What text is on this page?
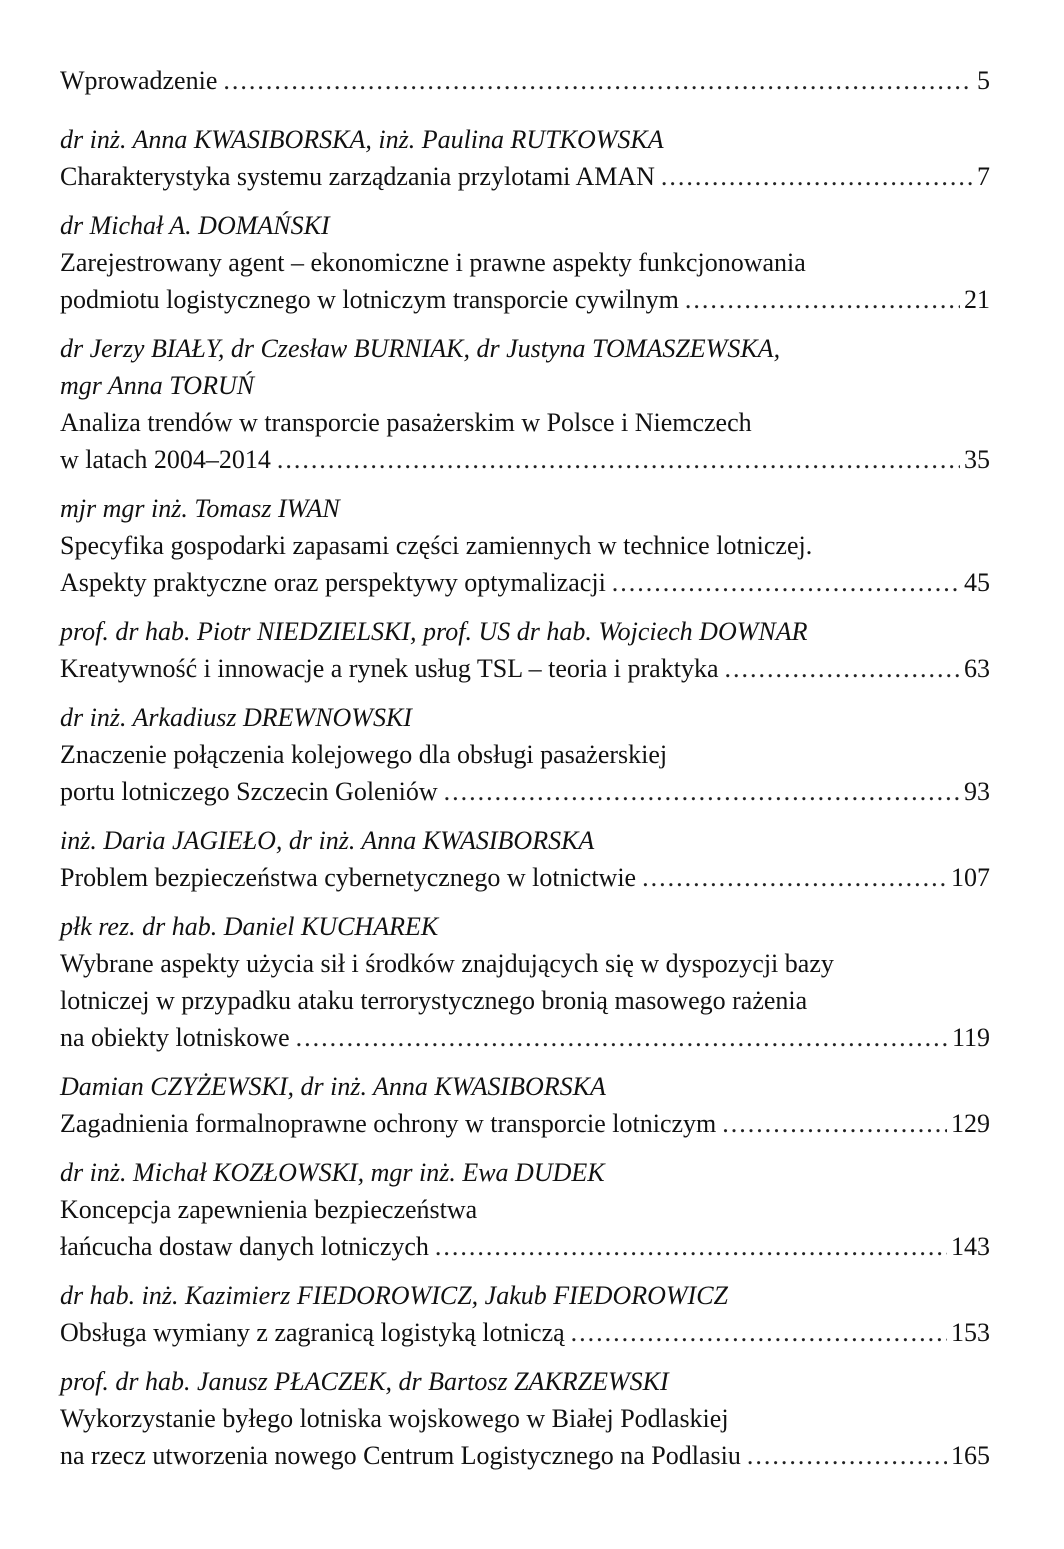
Wprowadzenie .....	5
dr inż. Anna KWASIBORSKA, inż. Paulina RUTKOWSKA
Charakterystyka systemu zarządzania przylotami AMAN .....	7
dr Michał A. DOMAŃSKI
Zarejestrowany agent – ekonomiczne i prawne aspekty funkcjonowania
podmiotu logistycznego w lotniczym transporcie cywilnym .....	21
dr Jerzy BIAŁY, dr Czesław BURNIAK, dr Justyna TOMASZEWSKA,
mgr Anna TORUŃ
Analiza trendów w transporcie pasażerskim w Polsce i Niemczech
w latach 2004–2014 .....	35
mjr mgr inż. Tomasz IWAN
Specyfika gospodarki zapasami części zamiennych w technice lotniczej.
Aspekty praktyczne oraz perspektywy optymalizacji .....	45
prof. dr hab. Piotr NIEDZIELSKI, prof. US dr hab. Wojciech DOWNAR
Kreatywność i innowacje a rynek usług TSL – teoria i praktyka .....	63
dr inż. Arkadiusz DREWNOWSKI
Znaczenie połączenia kolejowego dla obsługi pasażerskiej
portu lotniczego Szczecin Goleniów .....	93
inż. Daria JAGIEŁO, dr inż. Anna KWASIBORSKA
Problem bezpieczeństwa cybernetycznego w lotnictwie .....	107
płk rez. dr hab. Daniel KUCHAREK
Wybrane aspekty użycia sił i środków znajdujących się w dyspozycji bazy
lotniczej w przypadku ataku terrorystycznego bronią masowego rażenia
na obiekty lotniskowe .....	119
Damian CZYŻEWSKI, dr inż. Anna KWASIBORSKA
Zagadnienia formalnoprawne ochrony w transporcie lotniczym .....	129
dr inż. Michał KOZŁOWSKI, mgr inż. Ewa DUDEK
Koncepcja zapewnienia bezpieczeństwa
łańcucha dostaw danych lotniczych .....	143
dr hab. inż. Kazimierz FIEDOROWICZ, Jakub FIEDOROWICZ
Obsługa wymiany z zagranicą logistyką lotniczą .....	153
prof. dr hab. Janusz PŁACZEK, dr Bartosz ZAKRZEWSKI
Wykorzystanie byłego lotniska wojskowego w Białej Podlaskiej
na rzecz utworzenia nowego Centrum Logistycznego na Podlasiu .....	165
